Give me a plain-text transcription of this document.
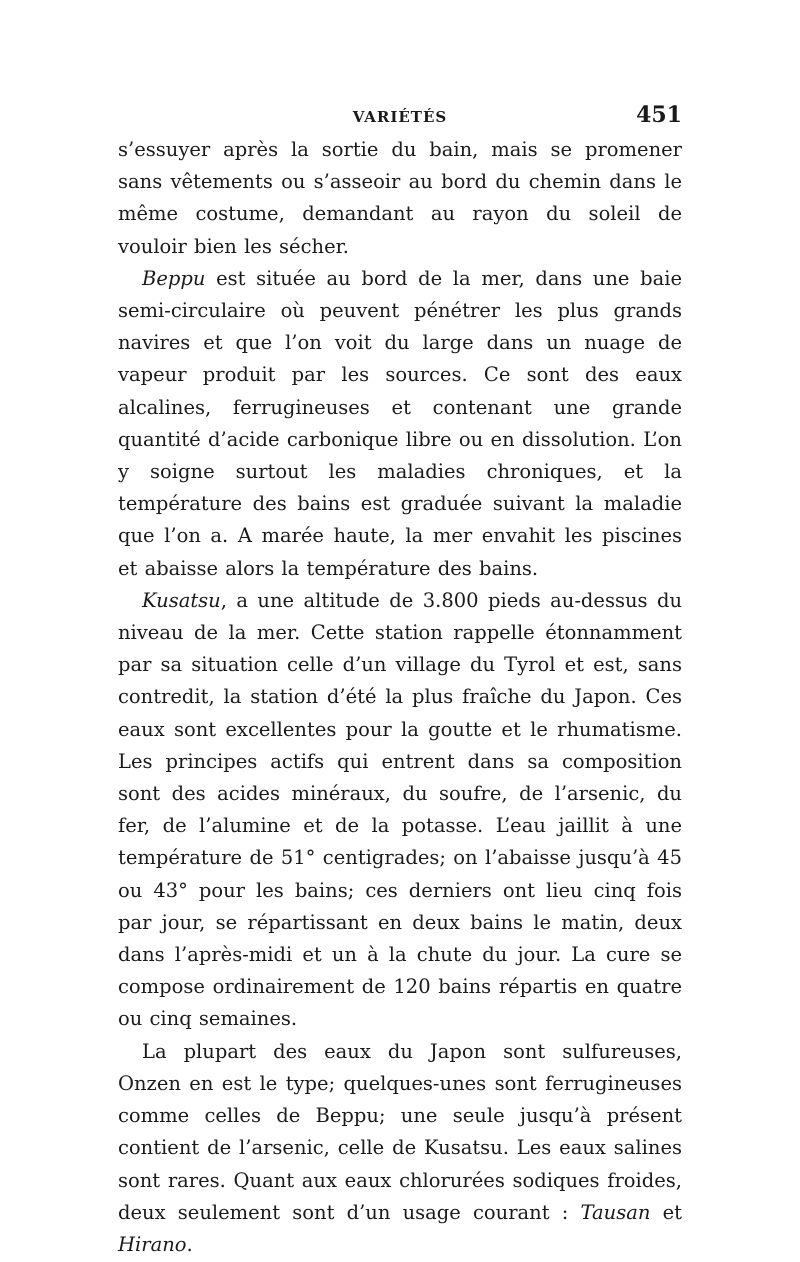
VARIÉTÉS	451

s’essuyer après la sortie du bain, mais se promener sans vêtements ou s’asseoir au bord du chemin dans le même costume, demandant au rayon du soleil de vouloir bien les sécher.

Beppu est située au bord de la mer, dans une baie semi-circulaire où peuvent pénétrer les plus grands navires et que l’on voit du large dans un nuage de vapeur produit par les sources. Ce sont des eaux alcalines, ferrugineuses et contenant une grande quantité d’acide carbonique libre ou en dissolution. L’on y soigne surtout les maladies chroniques, et la température des bains est graduée suivant la maladie que l’on a. A marée haute, la mer envahit les piscines et abaisse alors la température des bains.

Kusatsu, a une altitude de 3.800 pieds au-dessus du niveau de la mer. Cette station rappelle étonnamment par sa situation celle d’un village du Tyrol et est, sans contredit, la station d’été la plus fraîche du Japon. Ces eaux sont excellentes pour la goutte et le rhumatisme. Les principes actifs qui entrent dans sa composition sont des acides minéraux, du soufre, de l’arsenic, du fer, de l’alumine et de la potasse. L’eau jaillit à une température de 51° centigrades; on l’abaisse jusqu’à 45 ou 43° pour les bains; ces derniers ont lieu cinq fois par jour, se répartissant en deux bains le matin, deux dans l’après-midi et un à la chute du jour. La cure se compose ordinairement de 120 bains répartis en quatre ou cinq semaines.

La plupart des eaux du Japon sont sulfureuses, Onzen en est le type; quelques-unes sont ferrugineuses comme celles de Beppu; une seule jusqu’à présent contient de l’arsenic, celle de Kusatsu. Les eaux salines sont rares. Quant aux eaux chlorurées sodiques froides, deux seulement sont d’un usage courant : Tausan et Hirano.
